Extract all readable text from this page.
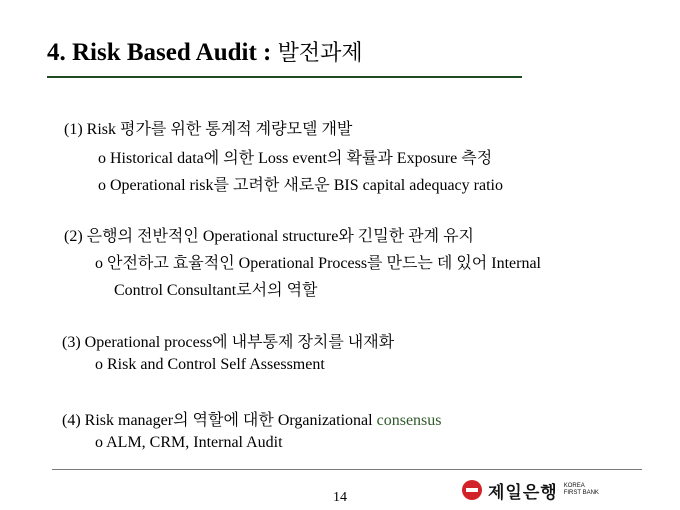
4. Risk Based Audit : 발전과제
(1) Risk 평가를 위한 통계적 계량모델 개발
o Historical data에 의한 Loss event의 확률과 Exposure 측정
o Operational risk를 고려한 새로운 BIS capital adequacy ratio
(2) 은행의 전반적인 Operational structure와 긴밀한 관계 유지
o 안전하고 효율적인 Operational Process를 만드는 데 있어 Internal
Control Consultant로서의 역할
(3) Operational process에 내부통제 장치를 내재화
o Risk and Control Self Assessment
(4) Risk manager의 역할에 대한 Organizational consensus
o ALM, CRM, Internal Audit
14	제일은행 KOREA
FIRST BANK
